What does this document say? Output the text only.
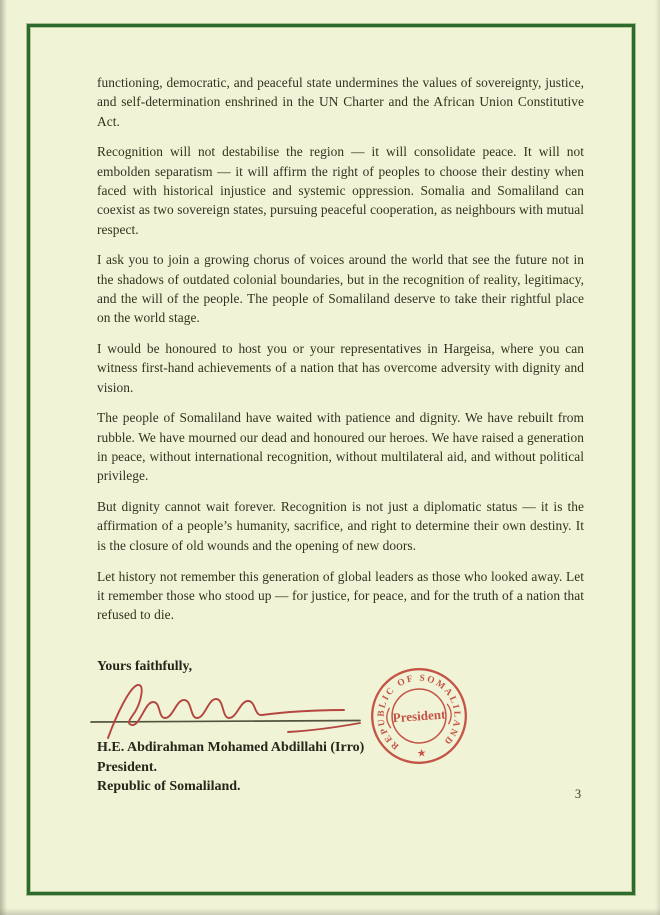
functioning, democratic, and peaceful state undermines the values of sovereignty, justice, and self-determination enshrined in the UN Charter and the African Union Constitutive Act.

Recognition will not destabilise the region — it will consolidate peace. It will not embolden separatism — it will affirm the right of peoples to choose their destiny when faced with historical injustice and systemic oppression. Somalia and Somaliland can coexist as two sovereign states, pursuing peaceful cooperation, as neighbours with mutual respect.

I ask you to join a growing chorus of voices around the world that see the future not in the shadows of outdated colonial boundaries, but in the recognition of reality, legitimacy, and the will of the people. The people of Somaliland deserve to take their rightful place on the world stage.

I would be honoured to host you or your representatives in Hargeisa, where you can witness first-hand achievements of a nation that has overcome adversity with dignity and vision.

The people of Somaliland have waited with patience and dignity. We have rebuilt from rubble. We have mourned our dead and honoured our heroes. We have raised a generation in peace, without international recognition, without multilateral aid, and without political privilege.

But dignity cannot wait forever. Recognition is not just a diplomatic status — it is the affirmation of a people’s humanity, sacrifice, and right to determine their own destiny. It is the closure of old wounds and the opening of new doors.

Let history not remember this generation of global leaders as those who looked away. Let it remember those who stood up — for justice, for peace, and for the truth of a nation that refused to die.

Yours faithfully,
REPUBLIC OF SOMALILAND
President
★
H.E. Abdirahman Mohamed Abdillahi (Irro)
President.
Republic of Somaliland.	3
